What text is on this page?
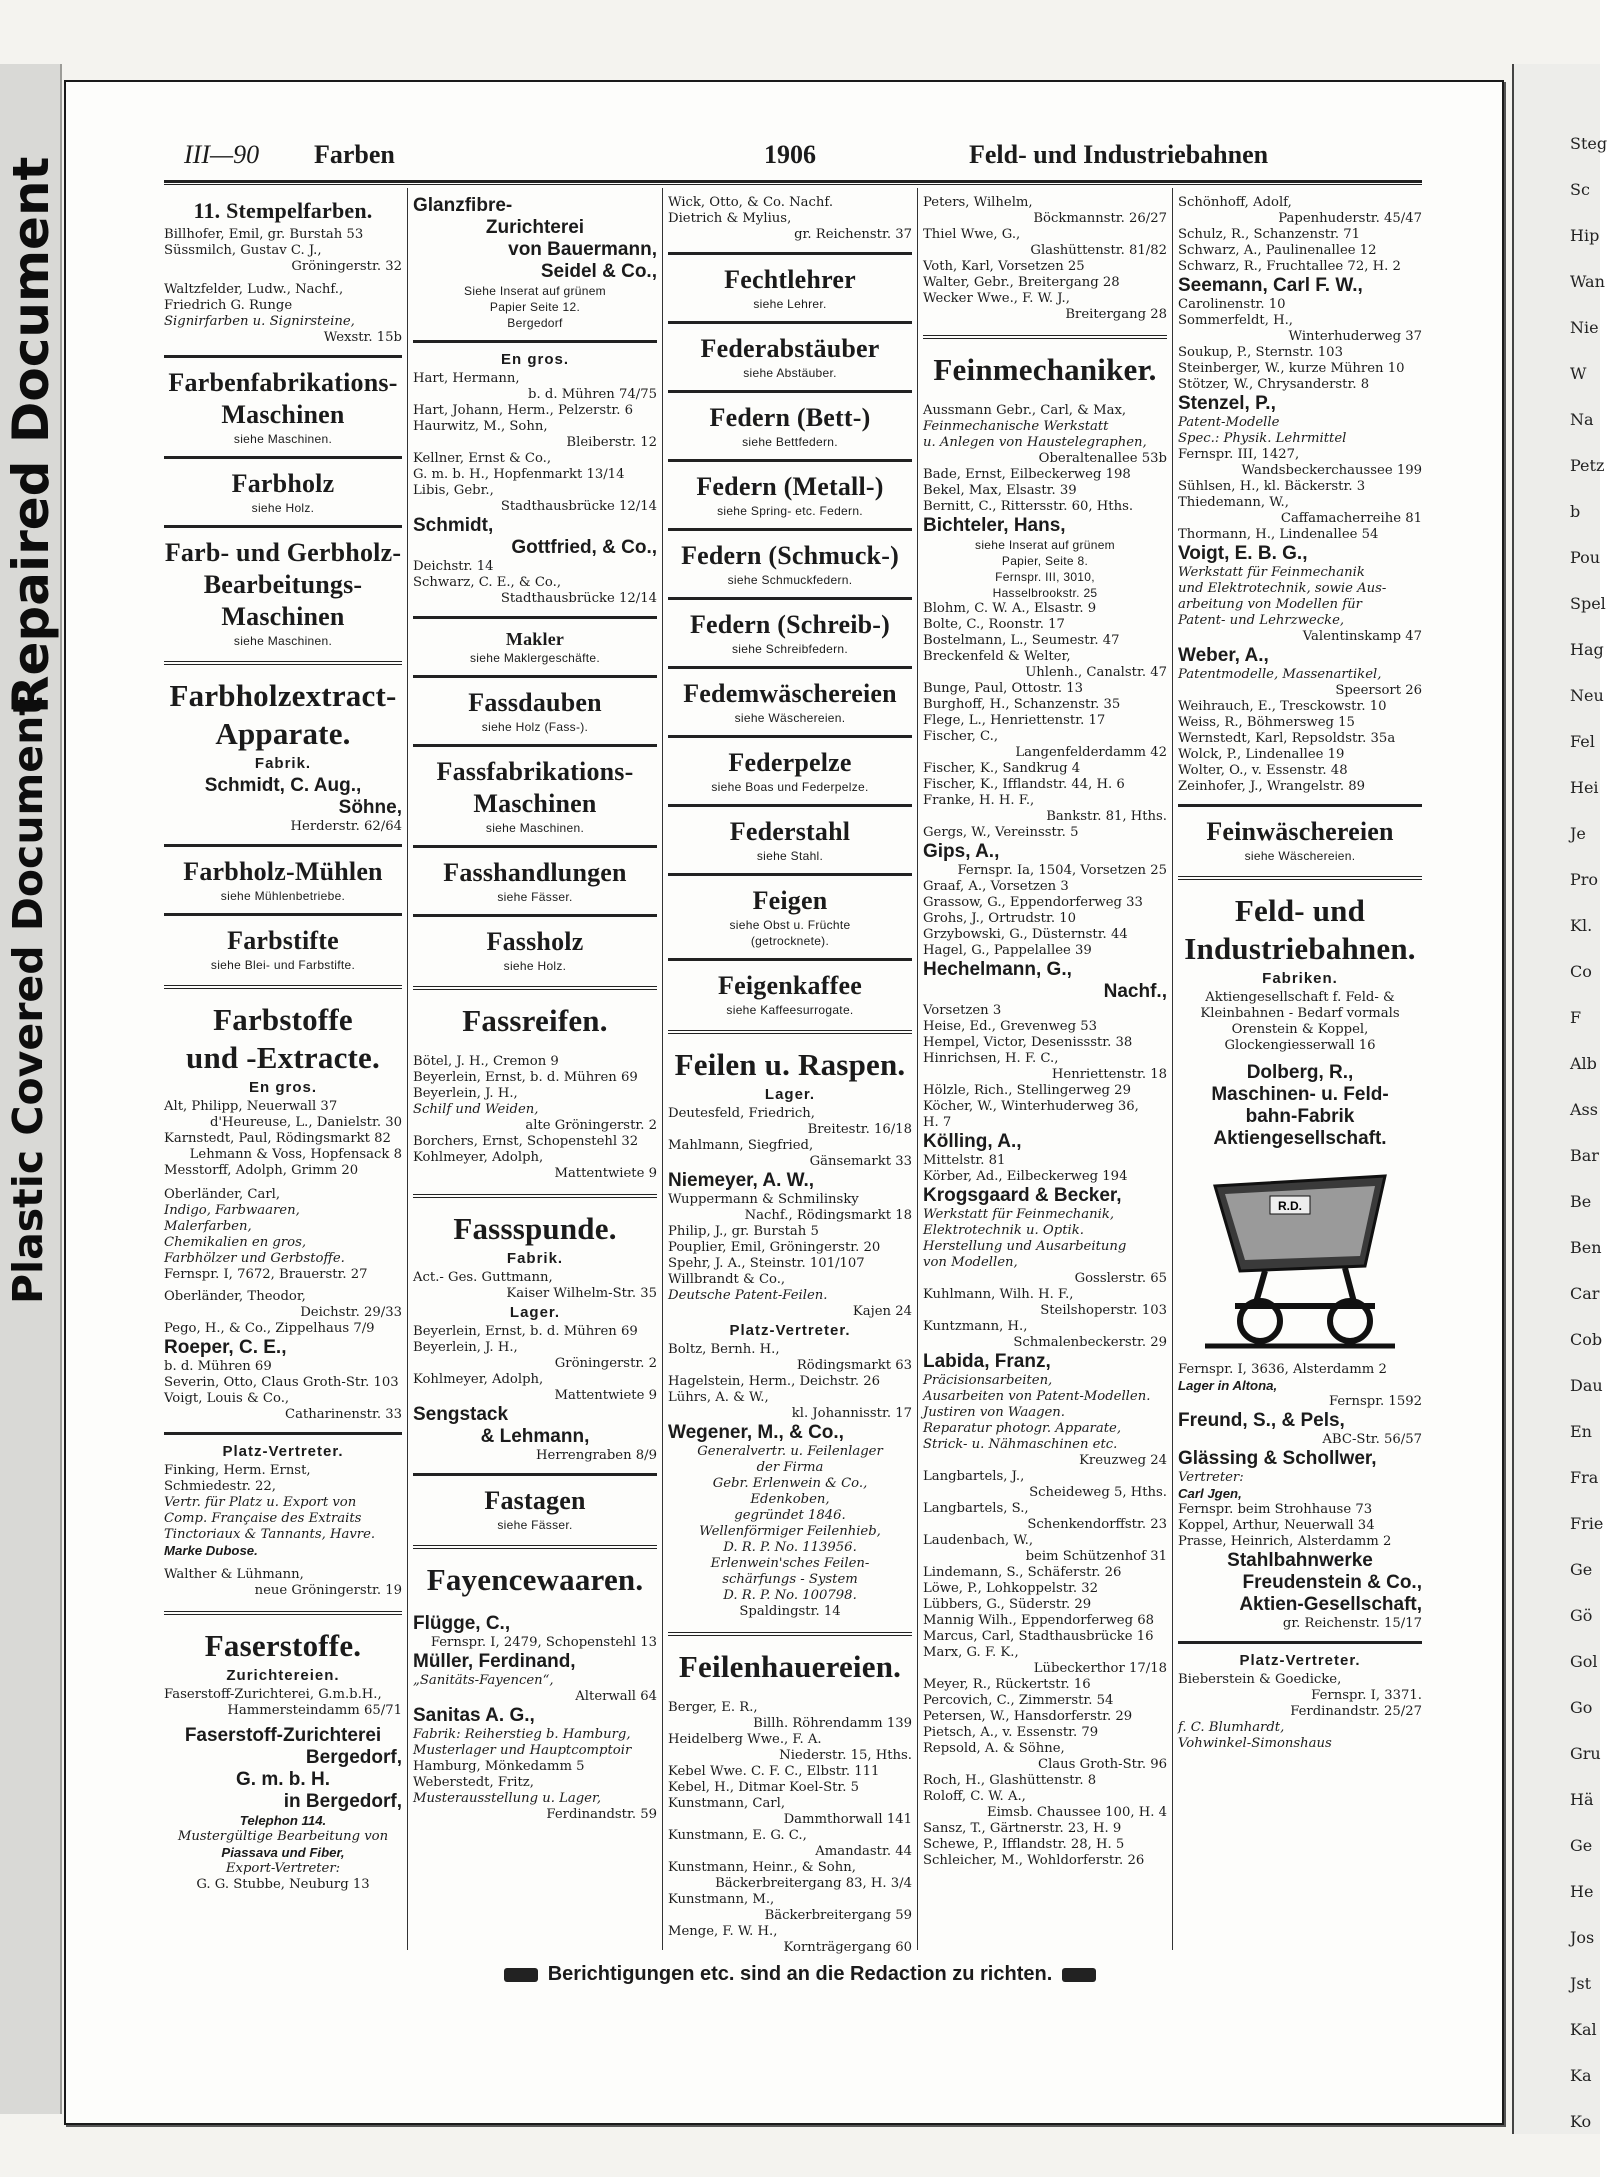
Repaired Document
Plastic Covered Document
Steg
Sc
Hip
Wan
Nie
W
Na
Petz
b
Pou
Spel
Hag
Neu
Fel
Hei
Je
Pro
Kl.
Co
F
Alb
Ass
Bar
Be
Ben
Car
Cob
Dau
En
Fra
Frie
Ge
Gö
Gol
Go
Gru
Hä
Ge
He
Jos
Jst
Kal
Ka
Ko
III—90 Farben	1906	Feld- und Industriebahnen
11. Stempelfarben.
Billhofer, Emil, gr. Burstah 53
Süssmilch, Gustav C. J.,
Gröningerstr. 32
Waltzfelder, Ludw., Nachf.,
Friedrich G. Runge
Signirfarben u. Signirsteine,
Wexstr. 15b
Farbenfabrikations-
Maschinen
siehe Maschinen.
Farbholz
siehe Holz.
Farb- und Gerbholz-
Bearbeitungs-
Maschinen
siehe Maschinen.
Farbholzextract-
Apparate.
Fabrik.
Schmidt, C. Aug.,
Söhne,
Herderstr. 62/64
Farbholz-Mühlen
siehe Mühlenbetriebe.
Farbstifte
siehe Blei- und Farbstifte.
Farbstoffe
und -Extracte.
En gros.
Alt, Philipp, Neuerwall 37
d'Heureuse, L., Danielstr. 30
Karnstedt, Paul, Rödingsmarkt 82
Lehmann & Voss, Hopfensack 8
Messtorff, Adolph, Grimm 20
Oberländer, Carl,
Indigo, Farbwaaren,
Malerfarben,
Chemikalien en gros,
Farbhölzer und Gerbstoffe.
Fernspr. I, 7672, Brauerstr. 27
Oberländer, Theodor,
Deichstr. 29/33
Pego, H., & Co., Zippelhaus 7/9
Roeper, C. E.,
b. d. Mühren 69
Severin, Otto, Claus Groth-Str. 103
Voigt, Louis & Co.,
Catharinenstr. 33
Platz-Vertreter.
Finking, Herm. Ernst,
Schmiedestr. 22,
Vertr. für Platz u. Export von
Comp. Française des Extraits
Tinctoriaux & Tannants, Havre.
Marke Dubose.
Walther & Lühmann,
neue Gröningerstr. 19
Faserstoffe.
Zurichtereien.
Faserstoff-Zurichterei, G.m.b.H.,
Hammersteindamm 65/71
Faserstoff-Zurichterei
Bergedorf,
G. m. b. H.
in Bergedorf,
Telephon 114.
Mustergültige Bearbeitung von
Piassava und Fiber,
Export-Vertreter:
G. G. Stubbe, Neuburg 13
Glanzfibre-
Zurichterei
von Bauermann,
Seidel & Co.,
Siehe Inserat auf grünem
Papier Seite 12.
Bergedorf
En gros.
Hart, Hermann,
b. d. Mühren 74/75
Hart, Johann, Herm., Pelzerstr. 6
Haurwitz, M., Sohn,
Bleiberstr. 12
Kellner, Ernst & Co.,
G. m. b. H., Hopfenmarkt 13/14
Libis, Gebr.,
Stadthausbrücke 12/14
Schmidt,
Gottfried, & Co.,
Deichstr. 14
Schwarz, C. E., & Co.,
Stadthausbrücke 12/14
Makler
siehe Maklergeschäfte.
Fassdauben
siehe Holz (Fass-).
Fassfabrikations-
Maschinen
siehe Maschinen.
Fasshandlungen
siehe Fässer.
Fassholz
siehe Holz.
Fassreifen.
Bötel, J. H., Cremon 9
Beyerlein, Ernst, b. d. Mühren 69
Beyerlein, J. H.,
Schilf und Weiden,
alte Gröningerstr. 2
Borchers, Ernst, Schopenstehl 32
Kohlmeyer, Adolph,
Mattentwiete 9
Fassspunde.
Fabrik.
Act.- Ges. Guttmann,
Kaiser Wilhelm-Str. 35
Lager.
Beyerlein, Ernst, b. d. Mühren 69
Beyerlein, J. H.,
Gröningerstr. 2
Kohlmeyer, Adolph,
Mattentwiete 9
Sengstack
& Lehmann,
Herrengraben 8/9
Fastagen
siehe Fässer.
Fayencewaaren.
Flügge, C.,
Fernspr. I, 2479, Schopenstehl 13
Müller, Ferdinand,
„Sanitäts-Fayencen“,
Alterwall 64
Sanitas A. G.,
Fabrik: Reiherstieg b. Hamburg,
Musterlager und Hauptcomptoir
Hamburg, Mönkedamm 5
Weberstedt, Fritz,
Musterausstellung u. Lager,
Ferdinandstr. 59
Wick, Otto, & Co. Nachf.
Dietrich & Mylius,
gr. Reichenstr. 37
Fechtlehrer
siehe Lehrer.
Federabstäuber
siehe Abstäuber.
Federn (Bett-)
siehe Bettfedern.
Federn (Metall-)
siehe Spring- etc. Federn.
Federn (Schmuck-)
siehe Schmuckfedern.
Federn (Schreib-)
siehe Schreibfedern.
Fedemwäschereien
siehe Wäschereien.
Federpelze
siehe Boas und Federpelze.
Federstahl
siehe Stahl.
Feigen
siehe Obst u. Früchte
(getrocknete).
Feigenkaffee
siehe Kaffeesurrogate.
Feilen u. Raspen.
Lager.
Deutesfeld, Friedrich,
Breitestr. 16/18
Mahlmann, Siegfried,
Gänsemarkt 33
Niemeyer, A. W.,
Wuppermann & Schmilinsky
Nachf., Rödingsmarkt 18
Philip, J., gr. Burstah 5
Pouplier, Emil, Gröningerstr. 20
Spehr, J. A., Steinstr. 101/107
Willbrandt & Co.,
Deutsche Patent-Feilen.
Kajen 24
Platz-Vertreter.
Boltz, Bernh. H.,
Rödingsmarkt 63
Hagelstein, Herm., Deichstr. 26
Lührs, A. & W.,
kl. Johannisstr. 17
Wegener, M., & Co.,
Generalvertr. u. Feilenlager
der Firma
Gebr. Erlenwein & Co.,
Edenkoben,
gegründet 1846.
Wellenförmiger Feilenhieb,
D. R. P. No. 113956.
Erlenwein'sches Feilen-
schärfungs - System
D. R. P. No. 100798.
Spaldingstr. 14
Feilenhauereien.
Berger, E. R.,
Billh. Röhrendamm 139
Heidelberg Wwe., F. A.
Niederstr. 15, Hths.
Kebel Wwe. C. F. C., Elbstr. 111
Kebel, H., Ditmar Koel-Str. 5
Kunstmann, Carl,
Dammthorwall 141
Kunstmann, E. G. C.,
Amandastr. 44
Kunstmann, Heinr., & Sohn,
Bäckerbreitergang 83, H. 3/4
Kunstmann, M.,
Bäckerbreitergang 59
Menge, F. W. H.,
Kornträgergang 60
Peters, Wilhelm,
Böckmannstr. 26/27
Thiel Wwe, G.,
Glashüttenstr. 81/82
Voth, Karl, Vorsetzen 25
Walter, Gebr., Breitergang 28
Wecker Wwe., F. W. J.,
Breitergang 28
Feinmechaniker.
Aussmann Gebr., Carl, & Max,
Feinmechanische Werkstatt
u. Anlegen von Haustelegraphen,
Oberaltenallee 53b
Bade, Ernst, Eilbeckerweg 198
Bekel, Max, Elsastr. 39
Bernitt, C., Rittersstr. 60, Hths.
Bichteler, Hans,
siehe Inserat auf grünem
Papier, Seite 8.
Fernspr. III, 3010,
Hasselbrookstr. 25
Blohm, C. W. A., Elsastr. 9
Bolte, C., Roonstr. 17
Bostelmann, L., Seumestr. 47
Breckenfeld & Welter,
Uhlenh., Canalstr. 47
Bunge, Paul, Ottostr. 13
Burghoff, H., Schanzenstr. 35
Flege, L., Henriettenstr. 17
Fischer, C.,
Langenfelderdamm 42
Fischer, K., Sandkrug 4
Fischer, K., Ifflandstr. 44, H. 6
Franke, H. H. F.,
Bankstr. 81, Hths.
Gergs, W., Vereinsstr. 5
Gips, A.,
Fernspr. Ia, 1504, Vorsetzen 25
Graaf, A., Vorsetzen 3
Grassow, G., Eppendorferweg 33
Grohs, J., Ortrudstr. 10
Grzybowski, G., Düsternstr. 44
Hagel, G., Pappelallee 39
Hechelmann, G.,
Nachf.,
Vorsetzen 3
Heise, Ed., Grevenweg 53
Hempel, Victor, Desenissstr. 38
Hinrichsen, H. F. C.,
Henriettenstr. 18
Hölzle, Rich., Stellingerweg 29
Köcher, W., Winterhuderweg 36,
H. 7
Kölling, A.,
Mittelstr. 81
Körber, Ad., Eilbeckerweg 194
Krogsgaard & Becker,
Werkstatt für Feinmechanik,
Elektrotechnik u. Optik.
Herstellung und Ausarbeitung
von Modellen,
Gosslerstr. 65
Kuhlmann, Wilh. H. F.,
Steilshoperstr. 103
Kuntzmann, H.,
Schmalenbeckerstr. 29
Labida, Franz,
Präcisionsarbeiten,
Ausarbeiten von Patent-Modellen.
Justiren von Waagen.
Reparatur photogr. Apparate,
Strick- u. Nähmaschinen etc.
Kreuzweg 24
Langbartels, J.,
Scheideweg 5, Hths.
Langbartels, S.,
Schenkendorffstr. 23
Laudenbach, W.,
beim Schützenhof 31
Lindemann, S., Schäferstr. 26
Löwe, P., Lohkoppelstr. 32
Lübbers, G., Süderstr. 29
Mannig Wilh., Eppendorferweg 68
Marcus, Carl, Stadthausbrücke 16
Marx, G. F. K.,
Lübeckerthor 17/18
Meyer, R., Rückertstr. 16
Percovich, C., Zimmerstr. 54
Petersen, W., Hansdorferstr. 29
Pietsch, A., v. Essenstr. 79
Repsold, A. & Söhne,
Claus Groth-Str. 96
Roch, H., Glashüttenstr. 8
Roloff, C. W. A.,
Eimsb. Chaussee 100, H. 4
Sansz, T., Gärtnerstr. 23, H. 9
Schewe, P., Ifflandstr. 28, H. 5
Schleicher, M., Wohldorferstr. 26
Schönhoff, Adolf,
Papenhuderstr. 45/47
Schulz, R., Schanzenstr. 71
Schwarz, A., Paulinenallee 12
Schwarz, R., Fruchtallee 72, H. 2
Seemann, Carl F. W.,
Carolinenstr. 10
Sommerfeldt, H.,
Winterhuderweg 37
Soukup, P., Sternstr. 103
Steinberger, W., kurze Mühren 10
Stötzer, W., Chrysanderstr. 8
Stenzel, P.,
Patent-Modelle
Spec.: Physik. Lehrmittel
Fernspr. III, 1427,
Wandsbeckerchaussee 199
Sühlsen, H., kl. Bäckerstr. 3
Thiedemann, W.,
Caffamacherreihe 81
Thormann, H., Lindenallee 54
Voigt, E. B. G.,
Werkstatt für Feinmechanik
und Elektrotechnik, sowie Aus-
arbeitung von Modellen für
Patent- und Lehrzwecke,
Valentinskamp 47
Weber, A.,
Patentmodelle, Massenartikel,
Speersort 26
Weihrauch, E., Tresckowstr. 10
Weiss, R., Böhmersweg 15
Wernstedt, Karl, Repsoldstr. 35a
Wolck, P., Lindenallee 19
Wolter, O., v. Essenstr. 48
Zeinhofer, J., Wrangelstr. 89
Feinwäschereien
siehe Wäschereien.
Feld- und
Industriebahnen.
Fabriken.
Aktiengesellschaft f. Feld- &
Kleinbahnen - Bedarf vormals
Orenstein & Koppel,
Glockengiesserwall 16
Dolberg, R.,
Maschinen- u. Feld-
bahn-Fabrik
Aktiengesellschaft.
R.D.
Fernspr. I, 3636, Alsterdamm 2
Lager in Altona,
Fernspr. 1592
Freund, S., & Pels,
ABC-Str. 56/57
Glässing & Schollwer,
Vertreter:
Carl Jgen,
Fernspr. beim Strohhause 73
Koppel, Arthur, Neuerwall 34
Prasse, Heinrich, Alsterdamm 2
Stahlbahnwerke
Freudenstein & Co.,
Aktien-Gesellschaft,
gr. Reichenstr. 15/17
Platz-Vertreter.
Bieberstein & Goedicke,
Fernspr. I, 3371.
Ferdinandstr. 25/27
f. C. Blumhardt,
Vohwinkel-Simonshaus
Berichtigungen etc. sind an die Redaction zu richten.
